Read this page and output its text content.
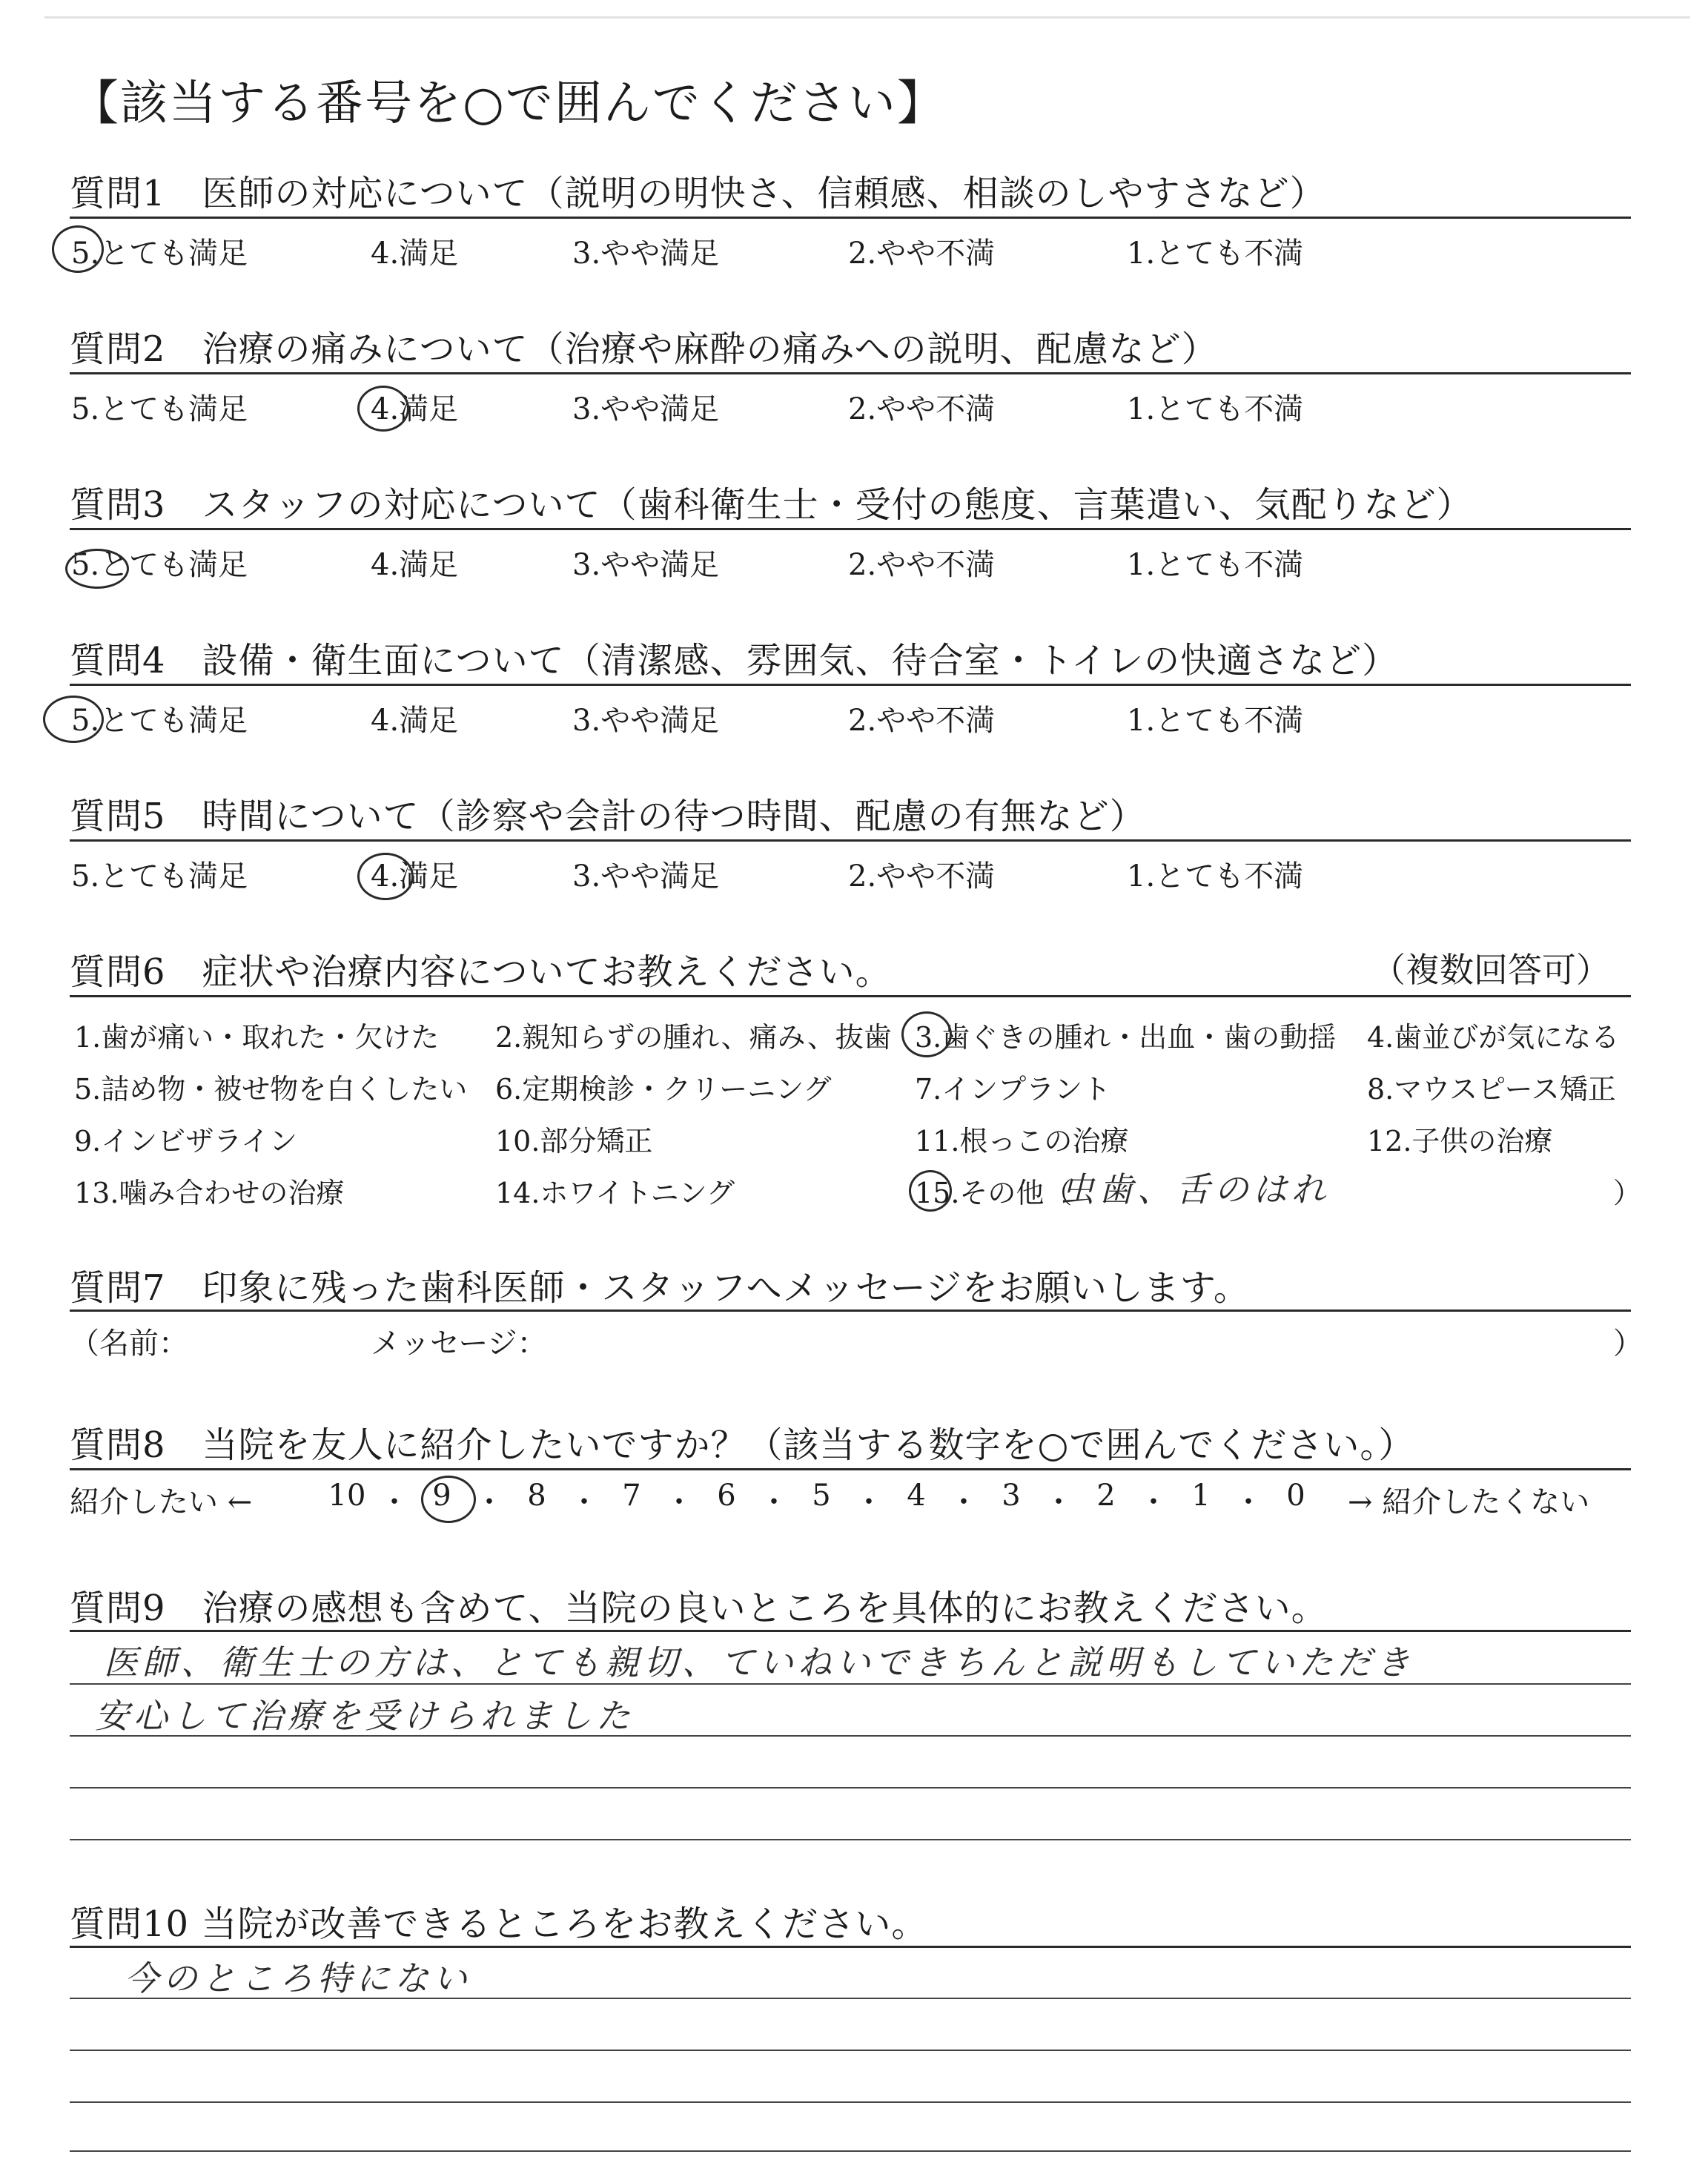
【該当する番号を○で囲んでください】
質問1　医師の対応について（説明の明快さ、信頼感、相談のしやすさなど）
5.とても満足	4.満足	3.やや満足	2.やや不満	1.とても不満
質問2　治療の痛みについて（治療や麻酔の痛みへの説明、配慮など）
5.とても満足	4.満足	3.やや満足	2.やや不満	1.とても不満
質問3　スタッフの対応について（歯科衛生士・受付の態度、言葉遣い、気配りなど）
5.とても満足	4.満足	3.やや満足	2.やや不満	1.とても不満
質問4　設備・衛生面について（清潔感、雰囲気、待合室・トイレの快適さなど）
5.とても満足	4.満足	3.やや満足	2.やや不満	1.とても不満
質問5　時間について（診察や会計の待つ時間、配慮の有無など）
5.とても満足	4.満足	3.やや満足	2.やや不満	1.とても不満
質問6　症状や治療内容についてお教えください。	（複数回答可）
1.歯が痛い・取れた・欠けた 2.親知らずの腫れ、痛み、抜歯 3.歯ぐきの腫れ・出血・歯の動揺 4.歯並びが気になる
5.詰め物・被せ物を白くしたい 6.定期検診・クリーニング	7.インプラント	8.マウスピース矯正
9.インビザライン	10.部分矯正	11.根っこの治療	12.子供の治療
13.噛み合わせの治療	14.ホワイトニング	15.その他（
虫歯、舌のはれ	）
質問7　印象に残った歯科医師・スタッフへメッセージをお願いします。
（名前：	メッセージ：	）
質問8　当院を友人に紹介したいですか？（該当する数字を○で囲んでください。）
紹介したい ←	10 ・ 9 ・ 8 ・ 7 ・ 6 ・ 5 ・ 4 ・ 3 ・ 2 ・ 1 ・ 0	→ 紹介したくない
質問9　治療の感想も含めて、当院の良いところを具体的にお教えください。
医師、衛生士の方は、とても親切、ていねいできちんと説明もしていただき
安心して治療を受けられました
質問10 当院が改善できるところをお教えください。
今のところ特にない
